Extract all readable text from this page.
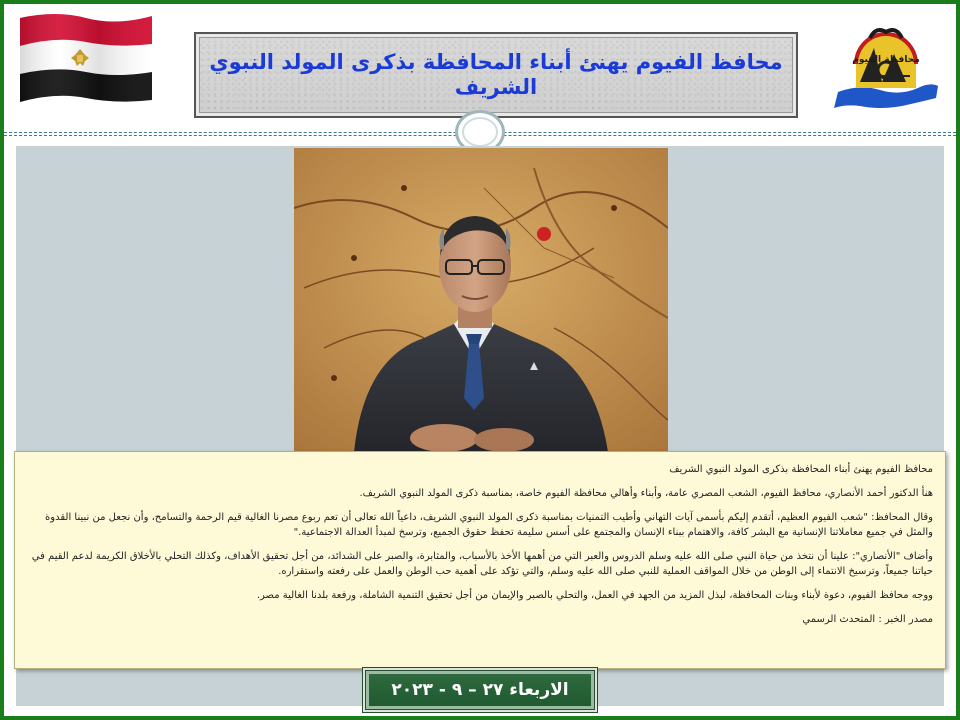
محافظ الفيوم يهنئ أبناء المحافظة بذكرى المولد النبوي الشريف
محافظة الفيوم

محافظ الفيوم يهنئ أبناء المحافظة بذكرى المولد النبوي الشريف

هنأ الدكتور أحمد الأنصاري، محافظ الفيوم، الشعب المصري عامة، وأبناء وأهالي محافظة الفيوم خاصة، بمناسبة ذكرى المولد النبوي الشريف.

وقال المحافظ: "شعب الفيوم العظيم، أتقدم إليكم بأسمى آيات التهاني وأطيب التمنيات بمناسبة ذكرى المولد النبوي الشريف، داعياً الله تعالى أن تعم ربوع مصرنا الغالية قيم الرحمة والتسامح، وأن نجعل من نبينا القدوة والمثل في جميع معاملاتنا الإنسانية مع البشر كافة، والاهتمام ببناء الإنسان والمجتمع على أسس سليمة تحفظ حقوق الجميع، وترسخ لمبدأ العدالة الاجتماعية."

وأضاف "الأنصاري": علينا أن نتخذ من حياة النبي صلى الله عليه وسلم الدروس والعبر التي من أهمها الأخذ بالأسباب، والمثابرة، والصبر على الشدائد، من أجل تحقيق الأهداف، وكذلك التحلي بالأخلاق الكريمة لدعم القيم في حياتنا جميعاً، وترسيخ الانتماء إلى الوطن من خلال المواقف العملية للنبي صلى الله عليه وسلم، والتي تؤكد على أهمية حب الوطن والعمل على رفعته واستقراره.

ووجه محافظ الفيوم، دعوة لأبناء وبنات المحافظة، لبذل المزيد من الجهد في العمل، والتحلي بالصبر والإيمان من أجل تحقيق التنمية الشاملة، ورفعة بلدنا الغالية مصر.

مصدر الخبر : المتحدث الرسمي

الاربعاء ٢٧ – ٩ - ٢٠٢٣
